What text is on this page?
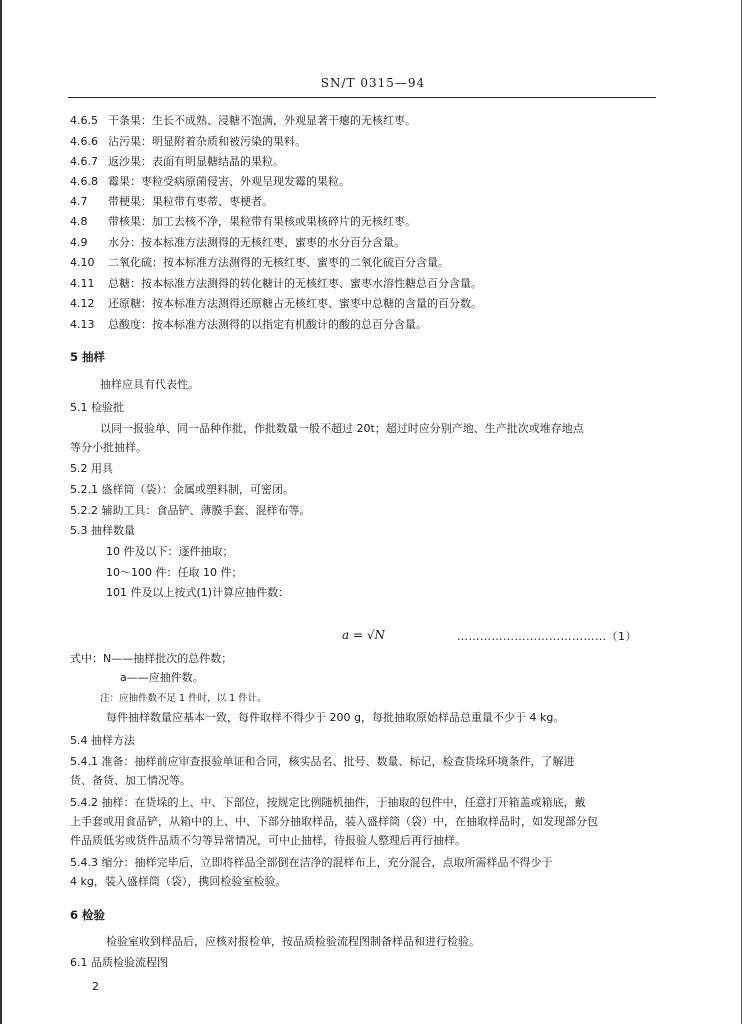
SN/T 0315—94
4.6.5 干条果：生长不成熟、浸糖不饱满，外观显著干瘪的无核红枣。
4.6.6 沾污果：明显附着杂质和被污染的果料。
4.6.7 返沙果：表面有明显糖结晶的果粒。
4.6.8 霉果：枣粒受病原菌侵害、外观呈现发霉的果粒。
4.7 带梗果：果粒带有枣蒂、枣梗者。
4.8 带核果：加工去核不净，果粒带有果核或果核碎片的无核红枣。
4.9 水分：按本标准方法测得的无核红枣、蜜枣的水分百分含量。
4.10 二氧化硫：按本标准方法测得的无核红枣、蜜枣的二氧化硫百分含量。
4.11 总糖：按本标准方法测得的转化糖计的无核红枣、蜜枣水溶性糖总百分含量。
4.12 还原糖：按本标准方法测得还原糖占无核红枣、蜜枣中总糖的含量的百分数。
4.13 总酸度：按本标准方法测得的以指定有机酸计的酸的总百分含量。
5 抽样
抽样应具有代表性。
5.1 检验批
以同一报验单、同一品种作批，作批数量一般不超过 20t；超过时应分别产地、生产批次或堆存地点
等分小批抽样。
5.2 用具
5.2.1 盛样筒（袋）：金属或塑料制，可密闭。
5.2.2 辅助工具：食品铲、薄膜手套、混样布等。
5.3 抽样数量
10 件及以下：逐件抽取；
10～100 件：任取 10 件；
101 件及以上按式(1)计算应抽件数：
a = √N	…………………………………（1）
式中：N——抽样批次的总件数；
a——应抽件数。
注：应抽件数不足 1 件时，以 1 件计。
每件抽样数量应基本一致，每件取样不得少于 200 g，每批抽取原始样品总重量不少于 4 kg。
5.4 抽样方法
5.4.1 准备：抽样前应审查报验单证和合同，核实品名、批号、数量、标记，检查货垛环境条件，了解进
货、备货、加工情况等。
5.4.2 抽样：在货垛的上、中、下部位，按规定比例随机抽件，于抽取的包件中，任意打开箱盖或箱底，戴
上手套或用食品铲，从箱中的上、中、下部分抽取样品，装入盛样筒（袋）中，在抽取样品时，如发现部分包
件品质低劣或货件品质不匀等异常情况，可中止抽样，待报验人整理后再行抽样。
5.4.3 缩分：抽样完毕后，立即将样品全部倒在洁净的混样布上，充分混合，点取所需样品不得少于
4 kg，装入盛样筒（袋），携回检验室检验。
6 检验
检验室收到样品后，应核对报检单，按品质检验流程图制备样品和进行检验。
6.1 品质检验流程图
2
